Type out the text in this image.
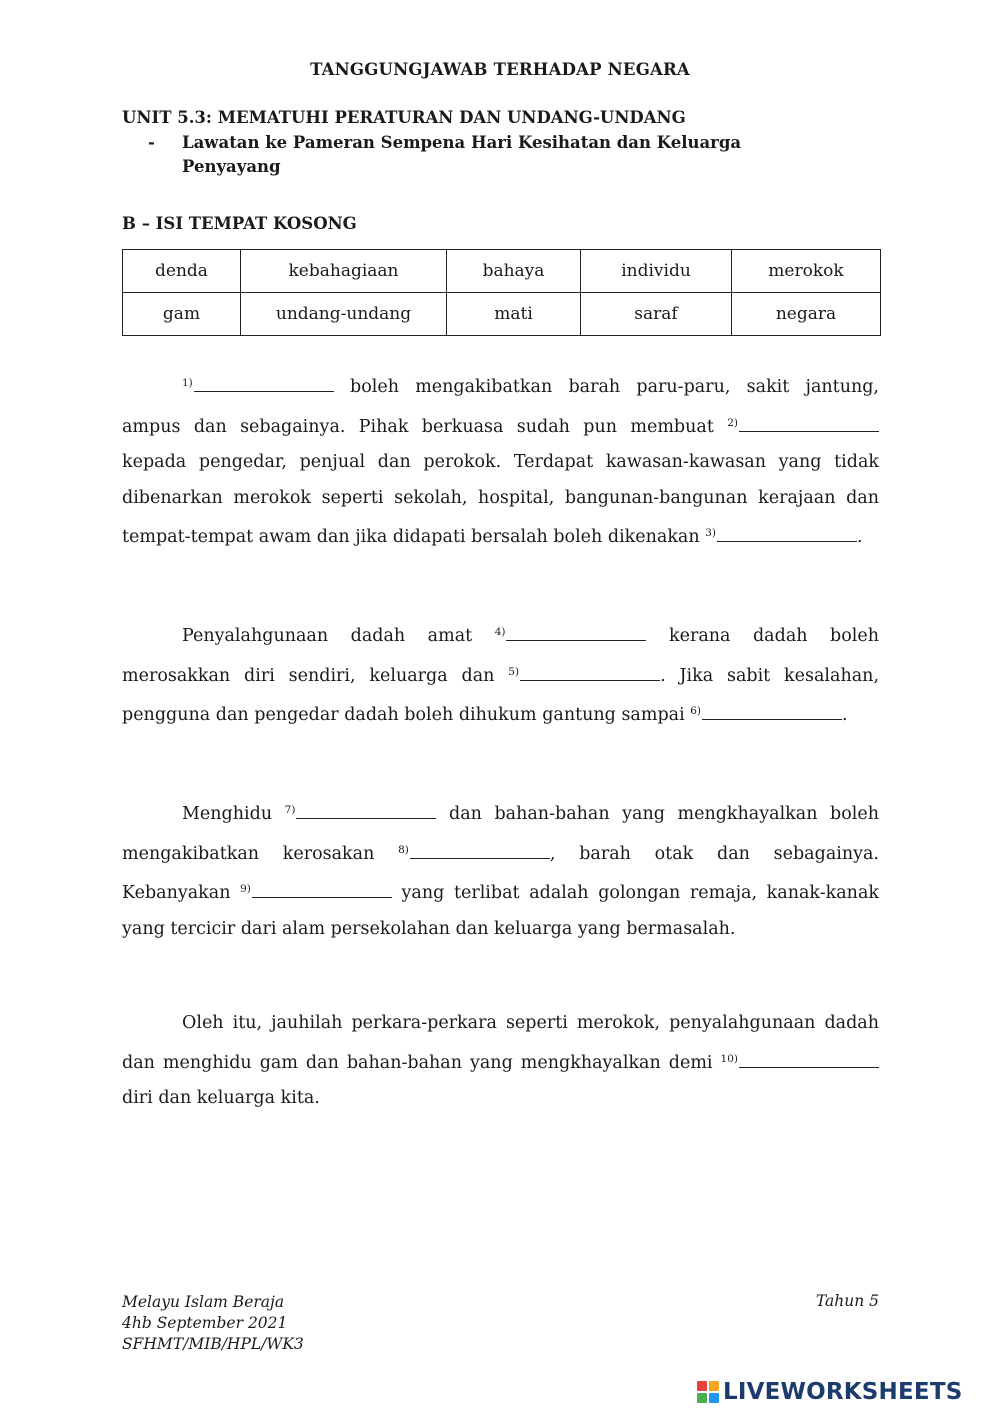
TANGGUNGJAWAB TERHADAP NEGARA
UNIT 5.3: MEMATUHI PERATURAN DAN UNDANG-UNDANG
- Lawatan ke Pameran Sempena Hari Kesihatan dan Keluarga Penyayang
B – ISI TEMPAT KOSONG
denda	kebahagiaan	bahaya	individu	merokok
gam	undang-undang	mati	saraf	negara
$^{1)}$	boleh mengakibatkan barah paru-paru, sakit jantung, ampus dan sebagainya. Pihak berkuasa sudah pun membuat $^{2)}$ kepada pengedar, penjual dan perokok. Terdapat kawasan-kawasan yang tidak dibenarkan merokok seperti sekolah, hospital, bangunan-bangunan kerajaan dan tempat-tempat awam dan jika didapati bersalah boleh dikenakan $^{3)}$	.
Penyalahgunaan dadah amat $^{4)}$	kerana dadah boleh merosakkan diri sendiri, keluarga dan $^{5)}$	. Jika sabit kesalahan, pengguna dan pengedar dadah boleh dihukum gantung sampai $^{6)}$	.
Menghidu $^{7)}$	dan bahan-bahan yang mengkhayalkan boleh mengakibatkan kerosakan $^{8)}$	, barah otak dan sebagainya. Kebanyakan $^{9)}$	yang terlibat adalah golongan remaja, kanak-kanak yang tercicir dari alam persekolahan dan keluarga yang bermasalah.
Oleh itu, jauhilah perkara-perkara seperti merokok, penyalahgunaan dadah dan menghidu gam dan bahan-bahan yang mengkhayalkan demi $^{10)}$ diri dan keluarga kita.
Melayu Islam Beraja
4hb September 2021
SFHMT/MIB/HPL/WK3
Tahun 5
LIVEWORKSHEETS
